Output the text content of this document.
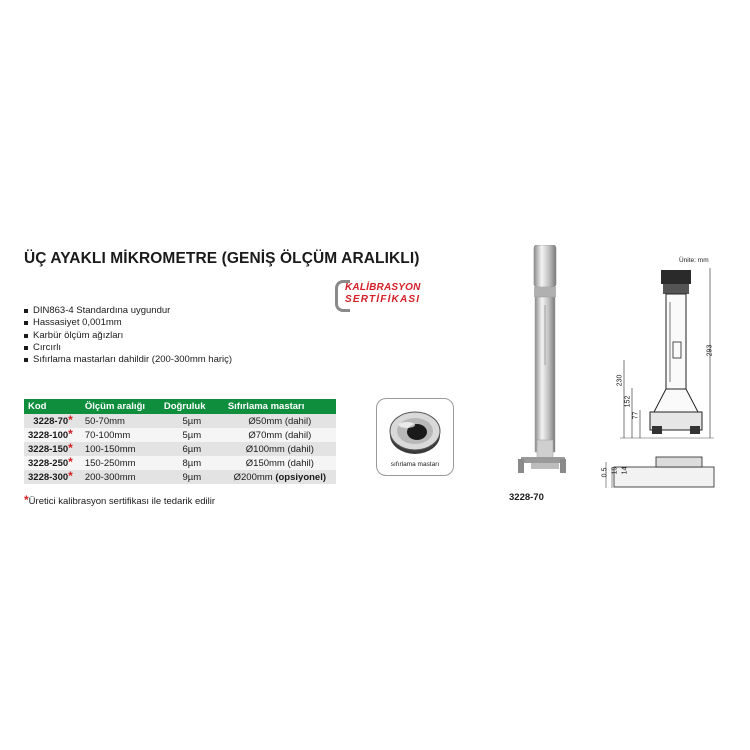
ÜÇ AYAKLI MİKROMETRE (GENİŞ ÖLÇÜM ARALIKLI)
KALİBRASYON
SERTİFİKASI
DIN863-4 Standardına uygundur
Hassasiyet 0,001mm
Karbür ölçüm ağızları
Cırcırlı
Sıfırlama mastarları dahildir (200-300mm hariç)
Kod	Ölçüm aralığı	Doğruluk	Sıfırlama mastarı
3228-70*	50-70mm	5µm	Ø50mm (dahil)
3228-100*	70-100mm	5µm	Ø70mm (dahil)
3228-150*	100-150mm	6µm	Ø100mm (dahil)
3228-250*	150-250mm	8µm	Ø150mm (dahil)
3228-300*	200-300mm	9µm	Ø200mm (opsiyonel)
*Üretici kalibrasyon sertifikası ile tedarik edilir
sıfırlama mastarı
3228-70
Ünite: mm
230
293
152
77
0.5 19 14
